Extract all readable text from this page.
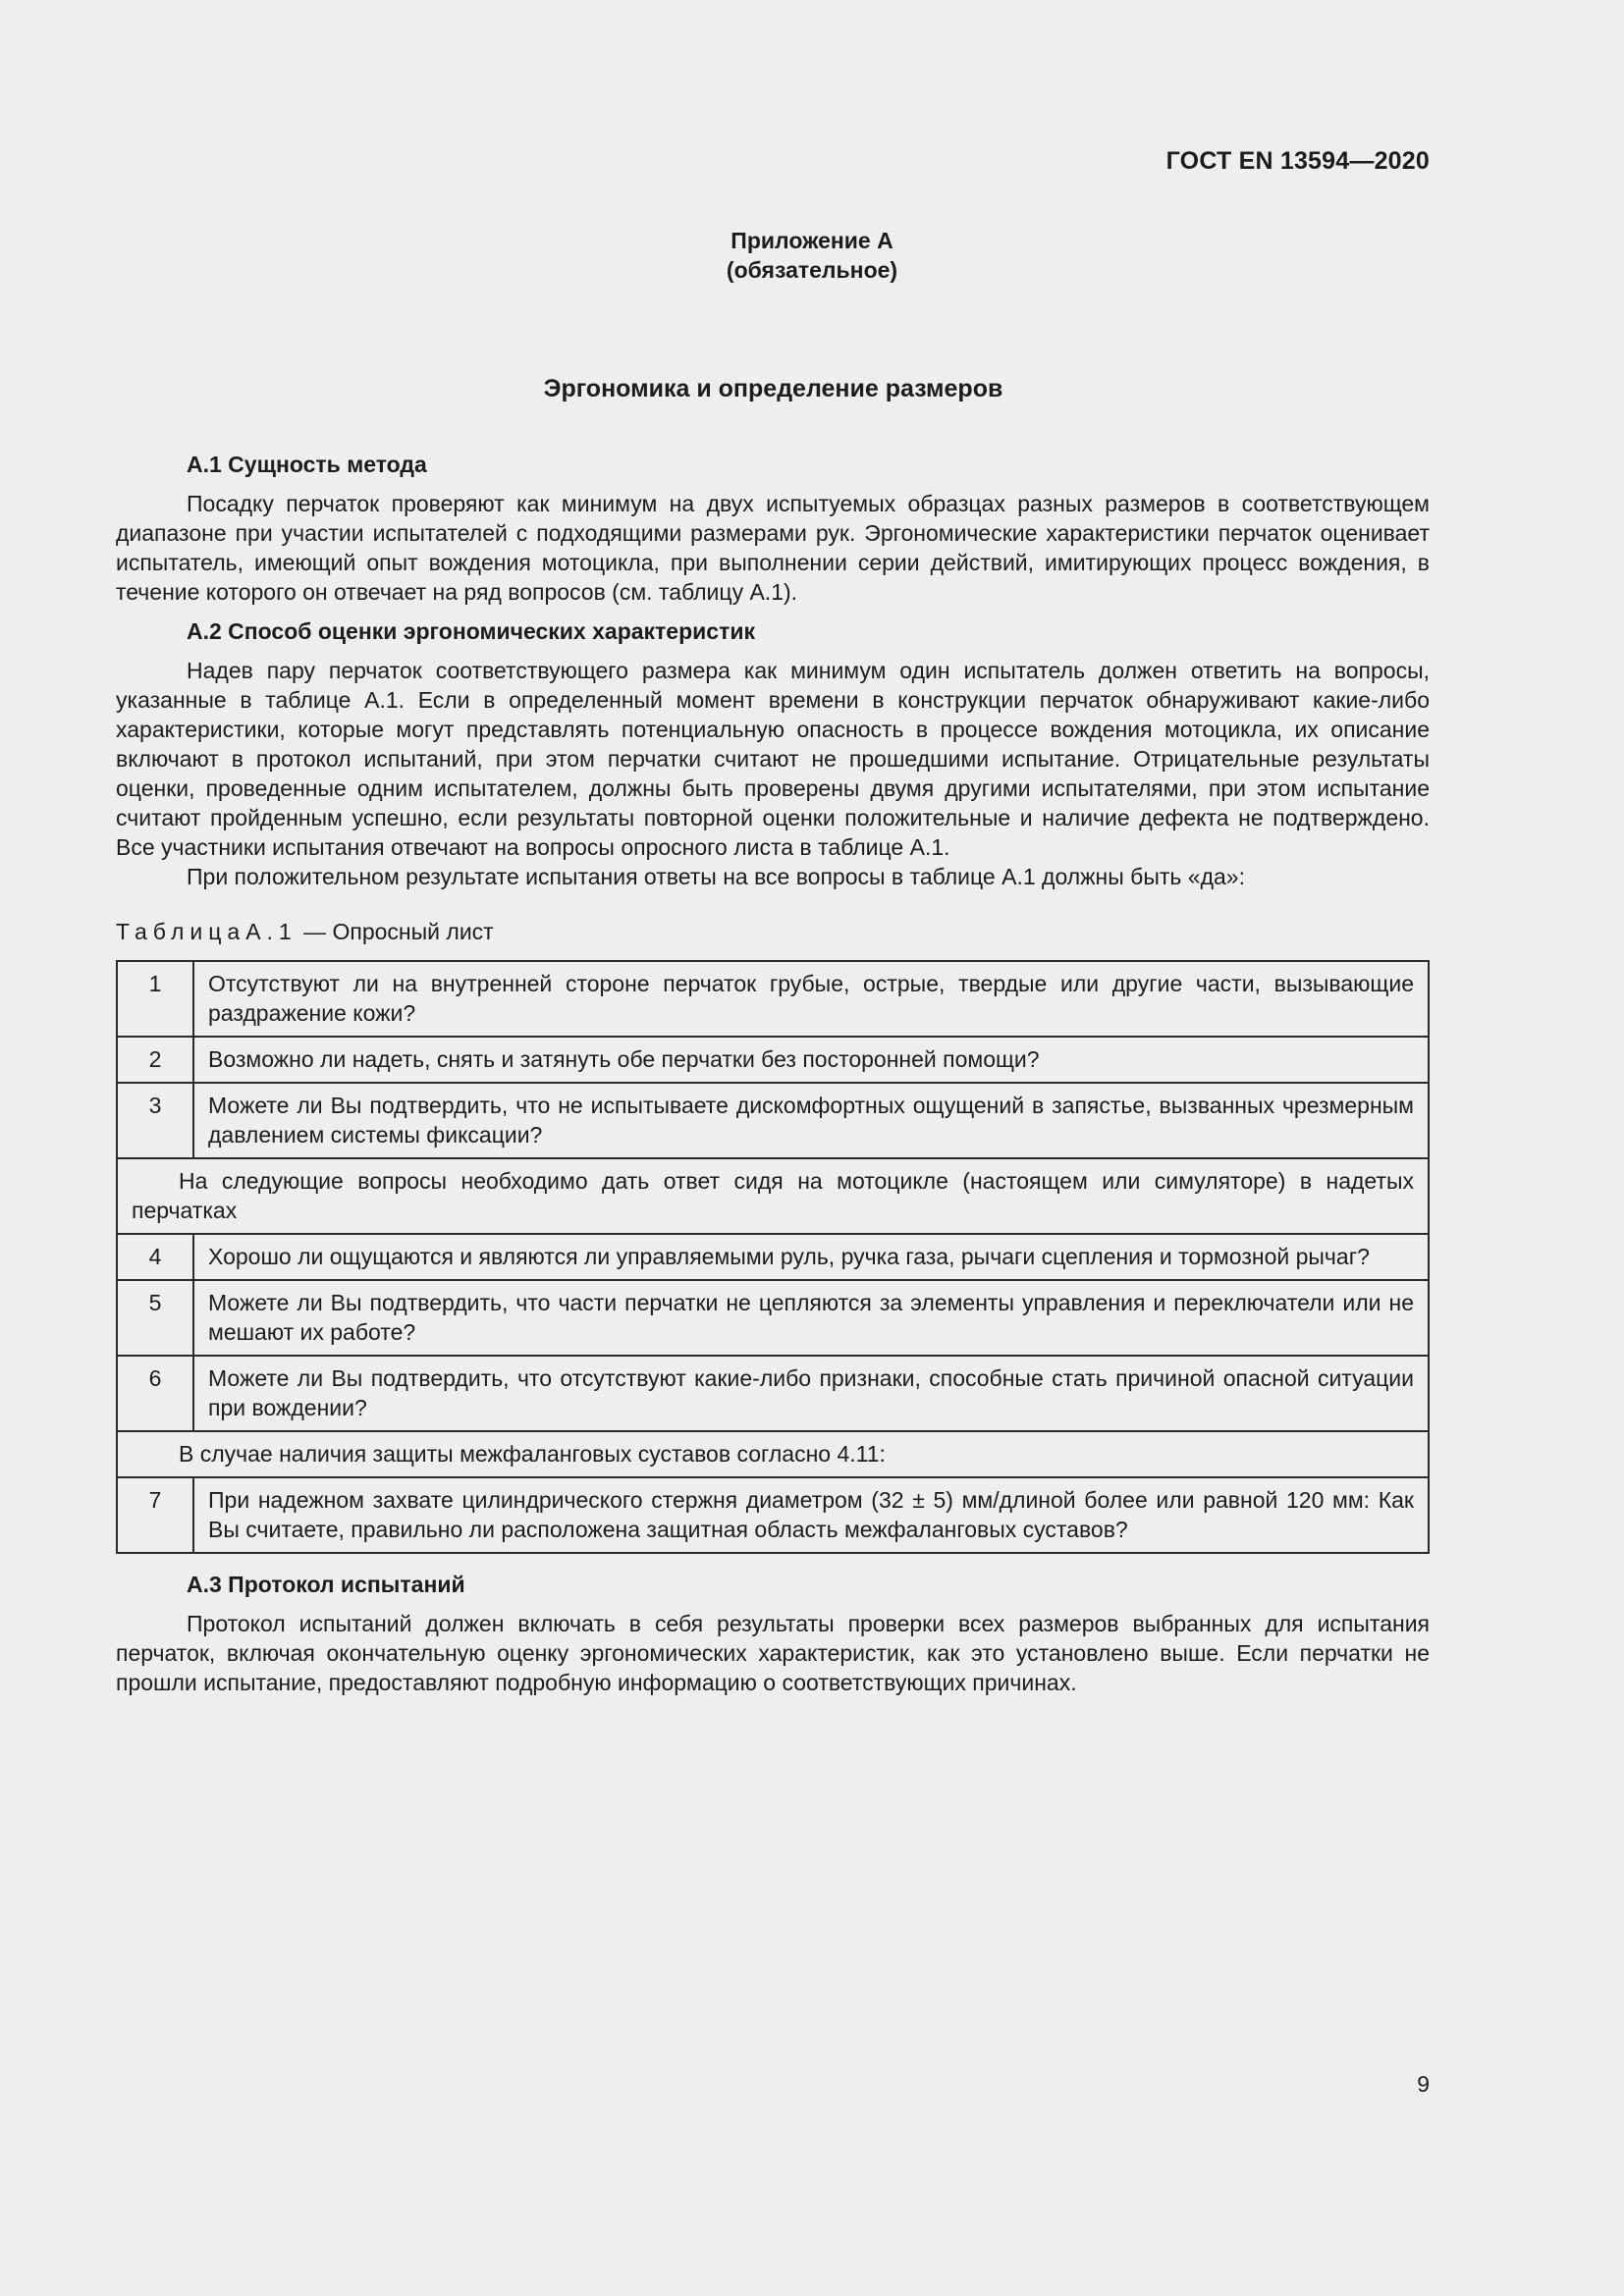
ГОСТ EN 13594—2020
Приложение А
(обязательное)
Эргономика и определение размеров

А.1 Сущность метода

Посадку перчаток проверяют как минимум на двух испытуемых образцах разных размеров в соответствующем диапазоне при участии испытателей с подходящими размерами рук. Эргономические характеристики перчаток оценивает испытатель, имеющий опыт вождения мотоцикла, при выполнении серии действий, имитирующих процесс вождения, в течение которого он отвечает на ряд вопросов (см. таблицу А.1).

А.2 Способ оценки эргономических характеристик

Надев пару перчаток соответствующего размера как минимум один испытатель должен ответить на вопросы, указанные в таблице А.1. Если в определенный момент времени в конструкции перчаток обнаруживают какие-либо характеристики, которые могут представлять потенциальную опасность в процессе вождения мотоцикла, их описание включают в протокол испытаний, при этом перчатки считают не прошедшими испытание. Отрицательные результаты оценки, проведенные одним испытателем, должны быть проверены двумя другими испытателями, при этом испытание считают пройденным успешно, если результаты повторной оценки положительные и наличие дефекта не подтверждено. Все участники испытания отвечают на вопросы опросного листа в таблице А.1.

При положительном результате испытания ответы на все вопросы в таблице А.1 должны быть «да»:

ТаблицаА.1 — Опросный лист
1	Отсутствуют ли на внутренней стороне перчаток грубые, острые, твердые или другие части, вызывающие раздражение кожи?
2	Возможно ли надеть, снять и затянуть обе перчатки без посторонней помощи?
3	Можете ли Вы подтвердить, что не испытываете дискомфортных ощущений в запястье, вызванных чрезмерным давлением системы фиксации?
На следующие вопросы необходимо дать ответ сидя на мотоцикле (настоящем или симуляторе) в надетых перчатках	
4	Хорошо ли ощущаются и являются ли управляемыми руль, ручка газа, рычаги сцепления и тормозной рычаг?
5	Можете ли Вы подтвердить, что части перчатки не цепляются за элементы управления и переключатели или не мешают их работе?
6	Можете ли Вы подтвердить, что отсутствуют какие-либо признаки, способные стать причиной опасной ситуации при вождении?
В случае наличия защиты межфаланговых суставов согласно 4.11:	
7	При надежном захвате цилиндрического стержня диаметром (32 ± 5) мм/длиной более или равной 120 мм: Как Вы считаете, правильно ли расположена защитная область межфаланговых суставов?

А.3 Протокол испытаний

Протокол испытаний должен включать в себя результаты проверки всех размеров выбранных для испытания перчаток, включая окончательную оценку эргономических характеристик, как это установлено выше. Если перчатки не прошли испытание, предоставляют подробную информацию о соответствующих причинах.

9
